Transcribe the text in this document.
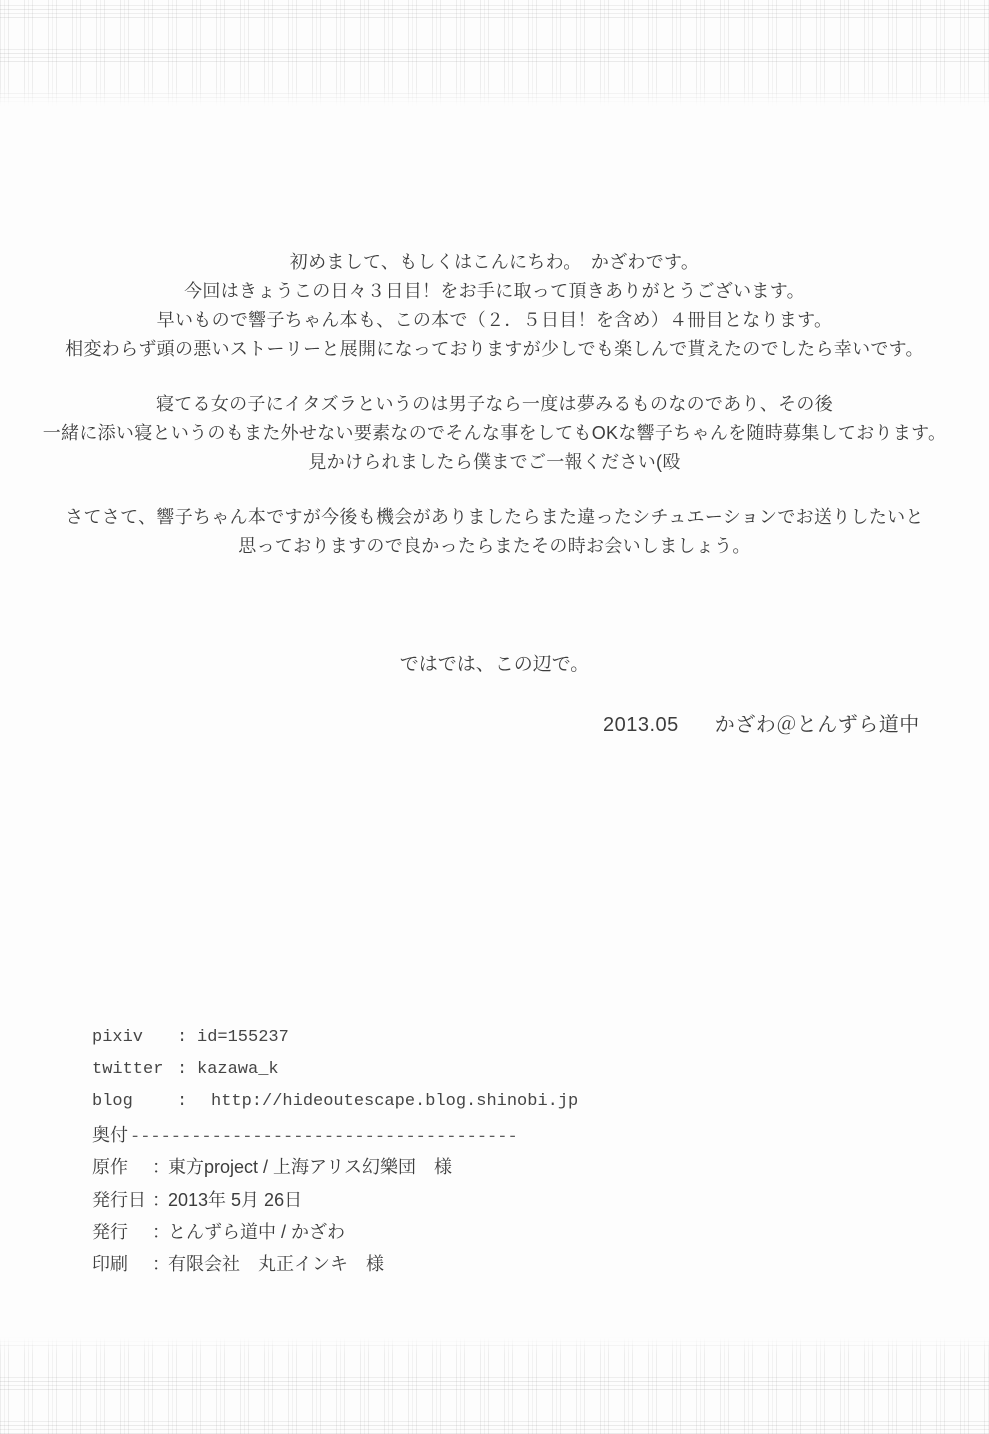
初めまして、もしくはこんにちわ。　かざわです。
今回はきょうこの日々３日目！をお手に取って頂きありがとうございます。
早いもので響子ちゃん本も、この本で（２．５日目！を含め）４冊目となります。
相変わらず頭の悪いストーリーと展開になっておりますが少しでも楽しんで貰えたのでしたら幸いです。
寝てる女の子にイタズラというのは男子なら一度は夢みるものなのであり、その後
一緒に添い寝というのもまた外せない要素なのでそんな事をしてもOKな響子ちゃんを随時募集しております。
見かけられましたら僕までご一報ください(殴
さてさて、響子ちゃん本ですが今後も機会がありましたらまた違ったシチュエーションでお送りしたいと
思っておりますので良かったらまたその時お会いしましょう。
ではでは、この辺で。
2013.05 かざわ＠とんずら道中
pixiv	: id=155237
twitter : kazawa_k
blog	:	http://hideoutescape.blog.shinobi.jp
奥付 --------------------------------------
原作	：
東方project / 上海アリス幻樂団　様
発行日 ：
2013年 5月 26日
発行	：
とんずら道中 / かざわ
印刷	：
有限会社　丸正インキ　様
